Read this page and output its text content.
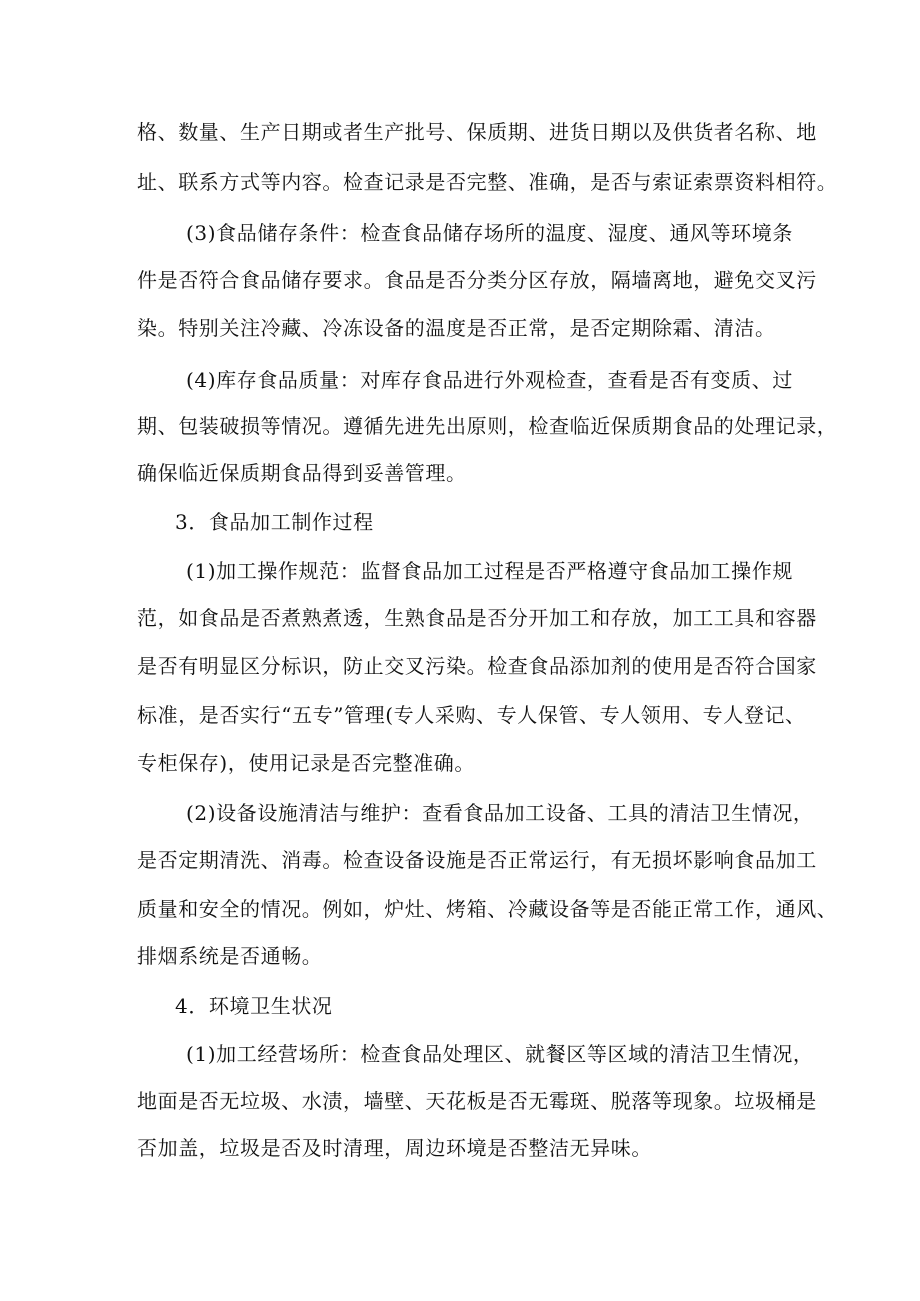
格、数量、生产日期或者生产批号、保质期、进货日期以及供货者名称、地
址、联系方式等内容。检查记录是否完整、准确，是否与索证索票资料相符。
(3)食品储存条件：检查食品储存场所的温度、湿度、通风等环境条
件是否符合食品储存要求。食品是否分类分区存放，隔墙离地，避免交叉污
染。特别关注冷藏、冷冻设备的温度是否正常，是否定期除霜、清洁。
(4)库存食品质量：对库存食品进行外观检查，查看是否有变质、过
期、包装破损等情况。遵循先进先出原则，检查临近保质期食品的处理记录，
确保临近保质期食品得到妥善管理。
3．食品加工制作过程
(1)加工操作规范：监督食品加工过程是否严格遵守食品加工操作规
范，如食品是否煮熟煮透，生熟食品是否分开加工和存放，加工工具和容器
是否有明显区分标识，防止交叉污染。检查食品添加剂的使用是否符合国家
标准，是否实行“五专”管理(专人采购、专人保管、专人领用、专人登记、
专柜保存)，使用记录是否完整准确。
(2)设备设施清洁与维护：查看食品加工设备、工具的清洁卫生情况，
是否定期清洗、消毒。检查设备设施是否正常运行，有无损坏影响食品加工
质量和安全的情况。例如，炉灶、烤箱、冷藏设备等是否能正常工作，通风、
排烟系统是否通畅。
4．环境卫生状况
(1)加工经营场所：检查食品处理区、就餐区等区域的清洁卫生情况，
地面是否无垃圾、水渍，墙壁、天花板是否无霉斑、脱落等现象。垃圾桶是
否加盖，垃圾是否及时清理，周边环境是否整洁无异味。
